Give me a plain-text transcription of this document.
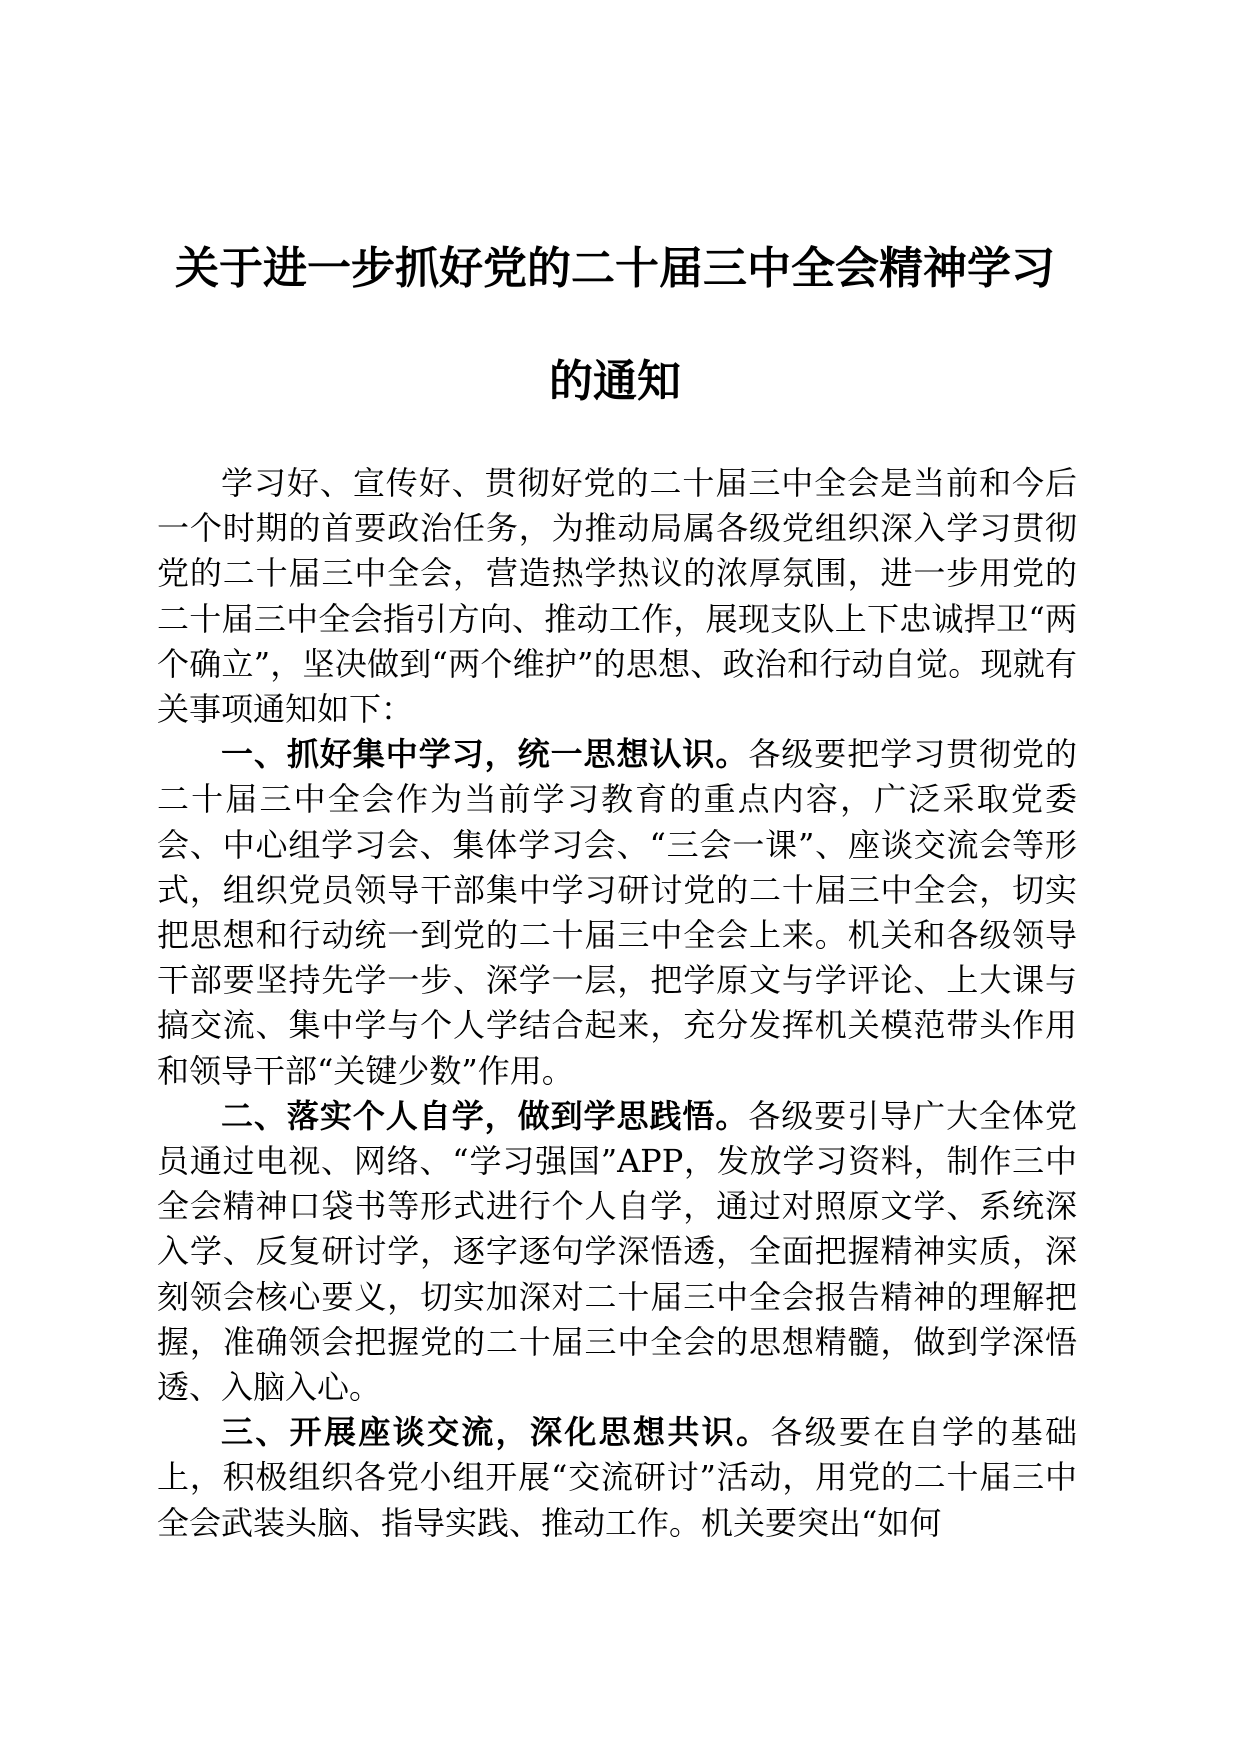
关于进一步抓好党的二十届三中全会精神学习
的通知

学习好、宣传好、贯彻好党的二十届三中全会是当前和今后一个时期的首要政治任务，为推动局属各级党组织深入学习贯彻党的二十届三中全会，营造热学热议的浓厚氛围，进一步用党的二十届三中全会指引方向、推动工作，展现支队上下忠诚捍卫“两个确立”，坚决做到“两个维护”的思想、政治和行动自觉。现就有关事项通知如下：

一、抓好集中学习，统一思想认识。各级要把学习贯彻党的二十届三中全会作为当前学习教育的重点内容，广泛采取党委会、中心组学习会、集体学习会、“三会一课”、座谈交流会等形式，组织党员领导干部集中学习研讨党的二十届三中全会，切实把思想和行动统一到党的二十届三中全会上来。机关和各级领导干部要坚持先学一步、深学一层，把学原文与学评论、上大课与搞交流、集中学与个人学结合起来，充分发挥机关模范带头作用和领导干部“关键少数”作用。

二、落实个人自学，做到学思践悟。各级要引导广大全体党员通过电视、网络、“学习强国”APP，发放学习资料，制作三中全会精神口袋书等形式进行个人自学，通过对照原文学、系统深入学、反复研讨学，逐字逐句学深悟透，全面把握精神实质，深刻领会核心要义，切实加深对二十届三中全会报告精神的理解把握，准确领会把握党的二十届三中全会的思想精髓，做到学深悟透、入脑入心。

三、开展座谈交流，深化思想共识。各级要在自学的基础上，积极组织各党小组开展“交流研讨”活动，用党的二十届三中全会武装头脑、指导实践、推动工作。机关要突出“如何
